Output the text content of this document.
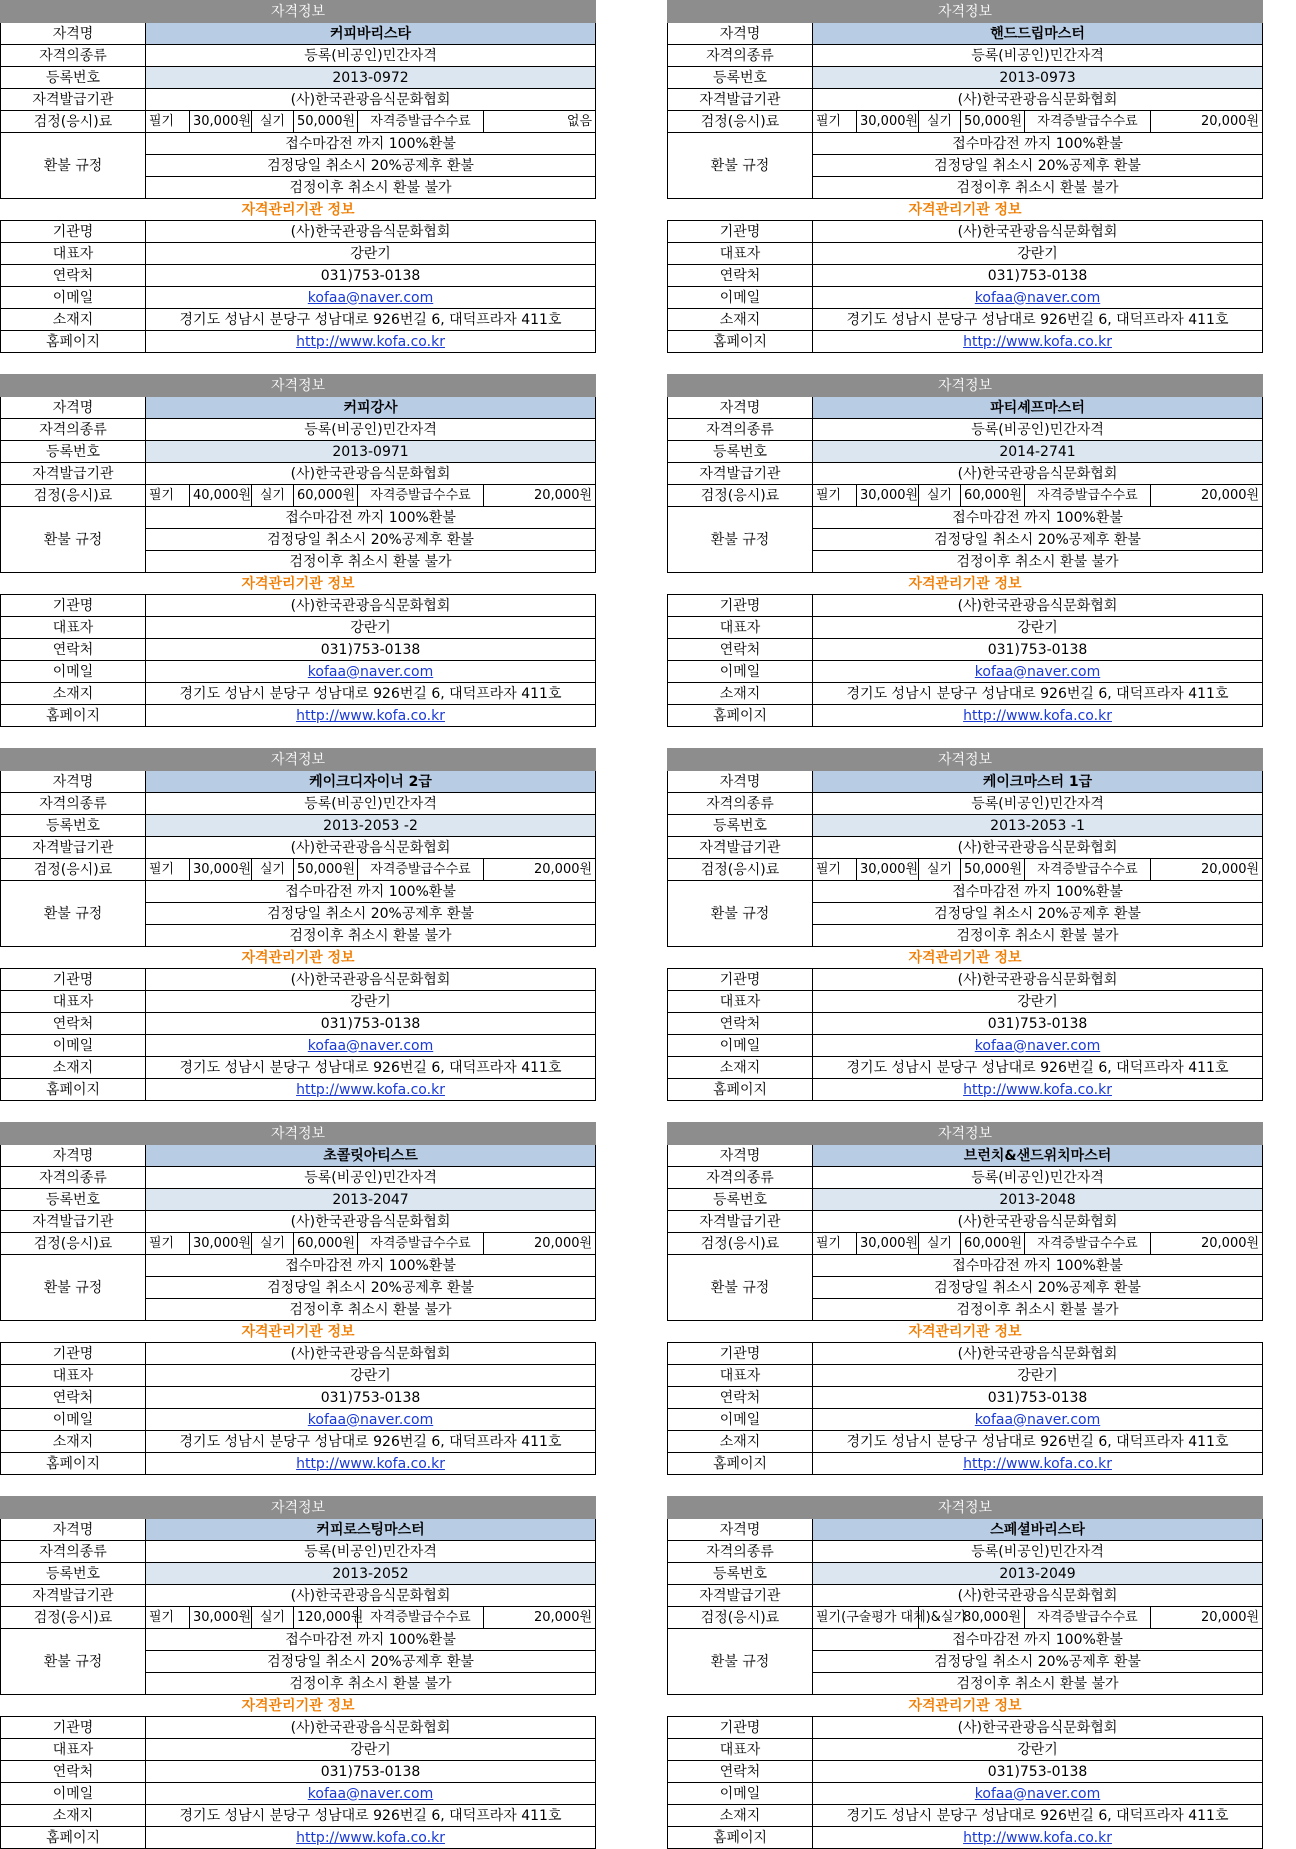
자격정보						
자격명	커피바리스타					
자격의종류	등록(비공인)민간자격					
등록번호	2013-0972					
자격발급기관	(사)한국관광음식문화협회					
검정(응시)료	필기	30,000원	실기	50,000원	자격증발급수수료	없음
환불 규정	접수마감전 까지 100%환불					
	검정당일 취소시 20%공제후 환불					
	검정이후 취소시 환불 불가					
자격관리기관 정보						
기관명	(사)한국관광음식문화협회					
대표자	강란기					
연락처	031)753-0138					
이메일	kofaa@naver.com					
소재지	경기도 성남시 분당구 성남대로 926번길 6, 대덕프라자 411호					
홈페이지	http://www.kofa.co.kr					
자격정보						
자격명	핸드드립마스터					
자격의종류	등록(비공인)민간자격					
등록번호	2013-0973					
자격발급기관	(사)한국관광음식문화협회					
검정(응시)료	필기	30,000원	실기	50,000원	자격증발급수수료	20,000원
환불 규정	접수마감전 까지 100%환불					
	검정당일 취소시 20%공제후 환불					
	검정이후 취소시 환불 불가					
자격관리기관 정보						
기관명	(사)한국관광음식문화협회					
대표자	강란기					
연락처	031)753-0138					
이메일	kofaa@naver.com					
소재지	경기도 성남시 분당구 성남대로 926번길 6, 대덕프라자 411호					
홈페이지	http://www.kofa.co.kr					
자격정보						
자격명	커피강사					
자격의종류	등록(비공인)민간자격					
등록번호	2013-0971					
자격발급기관	(사)한국관광음식문화협회					
검정(응시)료	필기	40,000원	실기	60,000원	자격증발급수수료	20,000원
환불 규정	접수마감전 까지 100%환불					
	검정당일 취소시 20%공제후 환불					
	검정이후 취소시 환불 불가					
자격관리기관 정보						
기관명	(사)한국관광음식문화협회					
대표자	강란기					
연락처	031)753-0138					
이메일	kofaa@naver.com					
소재지	경기도 성남시 분당구 성남대로 926번길 6, 대덕프라자 411호					
홈페이지	http://www.kofa.co.kr					
자격정보						
자격명	파티셰프마스터					
자격의종류	등록(비공인)민간자격					
등록번호	2014-2741					
자격발급기관	(사)한국관광음식문화협회					
검정(응시)료	필기	30,000원	실기	60,000원	자격증발급수수료	20,000원
환불 규정	접수마감전 까지 100%환불					
	검정당일 취소시 20%공제후 환불					
	검정이후 취소시 환불 불가					
자격관리기관 정보						
기관명	(사)한국관광음식문화협회					
대표자	강란기					
연락처	031)753-0138					
이메일	kofaa@naver.com					
소재지	경기도 성남시 분당구 성남대로 926번길 6, 대덕프라자 411호					
홈페이지	http://www.kofa.co.kr					
자격정보						
자격명	케이크디자이너 2급					
자격의종류	등록(비공인)민간자격					
등록번호	2013-2053 -2					
자격발급기관	(사)한국관광음식문화협회					
검정(응시)료	필기	30,000원	실기	50,000원	자격증발급수수료	20,000원
환불 규정	접수마감전 까지 100%환불					
	검정당일 취소시 20%공제후 환불					
	검정이후 취소시 환불 불가					
자격관리기관 정보						
기관명	(사)한국관광음식문화협회					
대표자	강란기					
연락처	031)753-0138					
이메일	kofaa@naver.com					
소재지	경기도 성남시 분당구 성남대로 926번길 6, 대덕프라자 411호					
홈페이지	http://www.kofa.co.kr					
자격정보						
자격명	케이크마스터 1급					
자격의종류	등록(비공인)민간자격					
등록번호	2013-2053 -1					
자격발급기관	(사)한국관광음식문화협회					
검정(응시)료	필기	30,000원	실기	50,000원	자격증발급수수료	20,000원
환불 규정	접수마감전 까지 100%환불					
	검정당일 취소시 20%공제후 환불					
	검정이후 취소시 환불 불가					
자격관리기관 정보						
기관명	(사)한국관광음식문화협회					
대표자	강란기					
연락처	031)753-0138					
이메일	kofaa@naver.com					
소재지	경기도 성남시 분당구 성남대로 926번길 6, 대덕프라자 411호					
홈페이지	http://www.kofa.co.kr					
자격정보						
자격명	초콜릿아티스트					
자격의종류	등록(비공인)민간자격					
등록번호	2013-2047					
자격발급기관	(사)한국관광음식문화협회					
검정(응시)료	필기	30,000원	실기	60,000원	자격증발급수수료	20,000원
환불 규정	접수마감전 까지 100%환불					
	검정당일 취소시 20%공제후 환불					
	검정이후 취소시 환불 불가					
자격관리기관 정보						
기관명	(사)한국관광음식문화협회					
대표자	강란기					
연락처	031)753-0138					
이메일	kofaa@naver.com					
소재지	경기도 성남시 분당구 성남대로 926번길 6, 대덕프라자 411호					
홈페이지	http://www.kofa.co.kr					
자격정보						
자격명	브런치&샌드위치마스터					
자격의종류	등록(비공인)민간자격					
등록번호	2013-2048					
자격발급기관	(사)한국관광음식문화협회					
검정(응시)료	필기	30,000원	실기	60,000원	자격증발급수수료	20,000원
환불 규정	접수마감전 까지 100%환불					
	검정당일 취소시 20%공제후 환불					
	검정이후 취소시 환불 불가					
자격관리기관 정보						
기관명	(사)한국관광음식문화협회					
대표자	강란기					
연락처	031)753-0138					
이메일	kofaa@naver.com					
소재지	경기도 성남시 분당구 성남대로 926번길 6, 대덕프라자 411호					
홈페이지	http://www.kofa.co.kr					
자격정보						
자격명	커피로스팅마스터					
자격의종류	등록(비공인)민간자격					
등록번호	2013-2052					
자격발급기관	(사)한국관광음식문화협회					
검정(응시)료	필기	30,000원	실기	120,000원	자격증발급수수료	20,000원
환불 규정	접수마감전 까지 100%환불					
	검정당일 취소시 20%공제후 환불					
	검정이후 취소시 환불 불가					
자격관리기관 정보						
기관명	(사)한국관광음식문화협회					
대표자	강란기					
연락처	031)753-0138					
이메일	kofaa@naver.com					
소재지	경기도 성남시 분당구 성남대로 926번길 6, 대덕프라자 411호					
홈페이지	http://www.kofa.co.kr					
자격정보				
자격명	스페셜바리스타			
자격의종류	등록(비공인)민간자격			
등록번호	2013-2049			
자격발급기관	(사)한국관광음식문화협회			
검정(응시)료	필기(구술평가 대체)&실기	80,000원	자격증발급수수료	20,000원
환불 규정	접수마감전 까지 100%환불			
	검정당일 취소시 20%공제후 환불			
	검정이후 취소시 환불 불가			
자격관리기관 정보				
기관명	(사)한국관광음식문화협회			
대표자	강란기			
연락처	031)753-0138			
이메일	kofaa@naver.com			
소재지	경기도 성남시 분당구 성남대로 926번길 6, 대덕프라자 411호			
홈페이지	http://www.kofa.co.kr			
